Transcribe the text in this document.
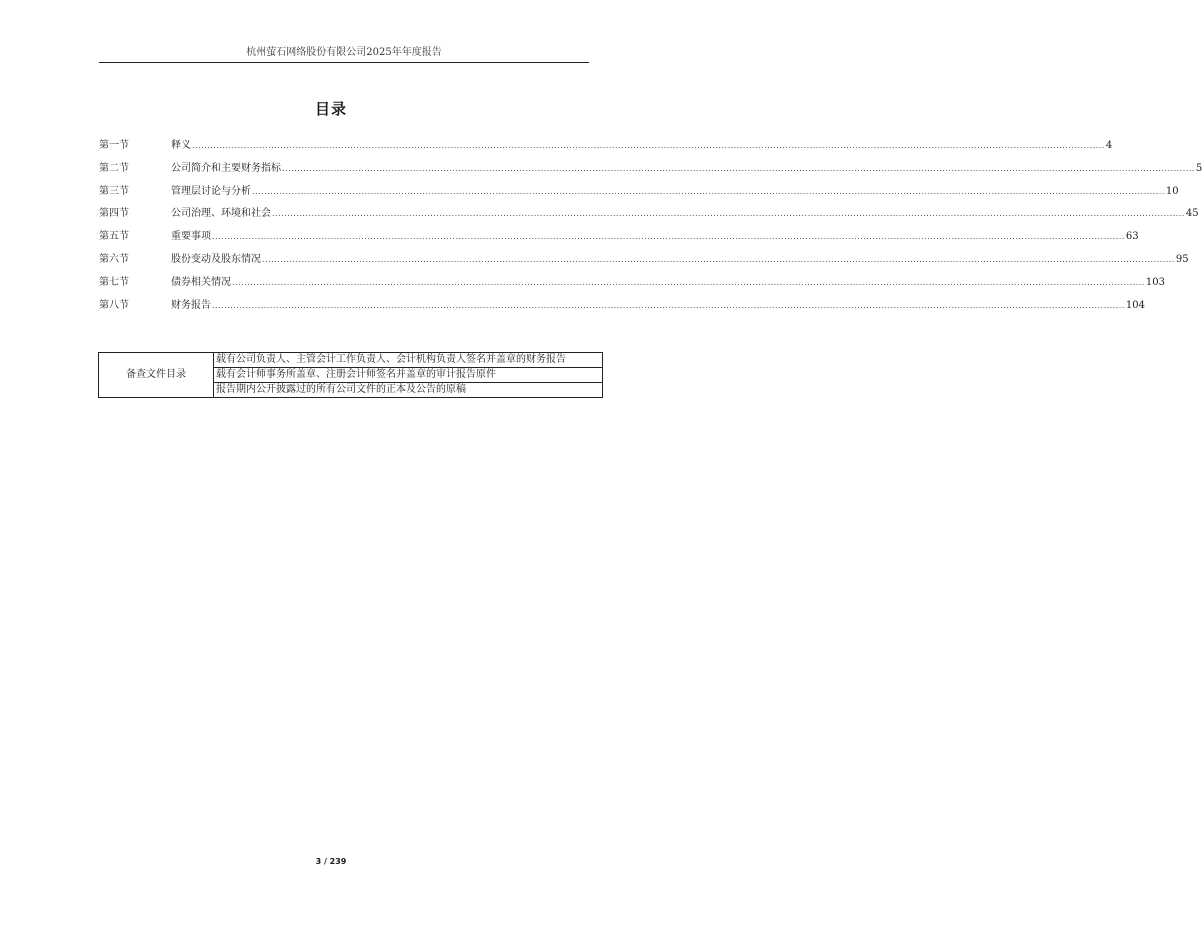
杭州萤石网络股份有限公司2025年年度报告
目录
第一节	释义 ............................................................................................................................................................................................................................................................................................................ 4
第二节	公司简介和主要财务指标 ............................................................................................................................................................................................................................................................................................................ 5
第三节	管理层讨论与分析 ............................................................................................................................................................................................................................................................................................................ 10
第四节	公司治理、环境和社会 ............................................................................................................................................................................................................................................................................................................ 45
第五节	重要事项 ............................................................................................................................................................................................................................................................................................................ 63
第六节	股份变动及股东情况 ............................................................................................................................................................................................................................................................................................................ 95
第七节	债券相关情况 ............................................................................................................................................................................................................................................................................................................ 103
第八节	财务报告 ............................................................................................................................................................................................................................................................................................................ 104
备查文件目录	载有公司负责人、主管会计工作负责人、会计机构负责人签名并盖章的财务报告
载有会计师事务所盖章、注册会计师签名并盖章的审计报告原件
报告期内公开披露过的所有公司文件的正本及公告的原稿
3 / 239
